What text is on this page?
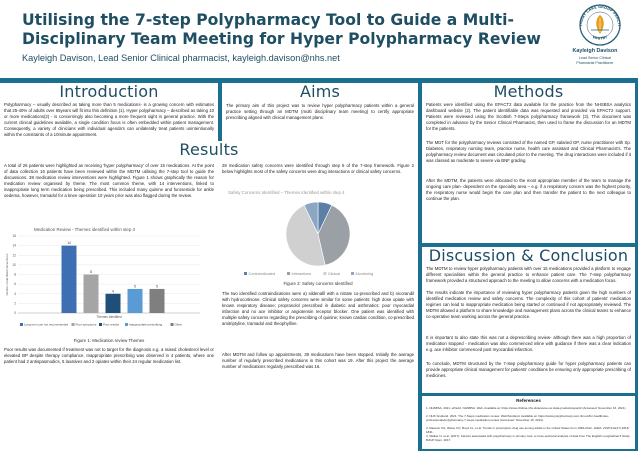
Utilising the 7-step Polypharmacy Tool to Guide a Multi-Disciplinary Team Meeting for Hyper Polypharmacy Review
Kayleigh Davison, Lead Senior Clinical pharmacist, kayleigh.davison@nhs.net
IMARY CARE GROUP PRACTI
WHITBY
Kayleigh Davison
Lead Senior Clinical
Pharmacist Practitioner
Introduction
Polypharmacy – usually described as taking more than 5 medications- is a growing concern with estimates that 25-40% of adults over 65years will fit into this definition (1). Hyper polypharmacy – described as taking 10 or more medications(2) - is concerningly also becoming a more frequent sight in general practice. With the current clinical guidelines available, a single condition focus is often embedded within patient management. Consequently, a variety of clinicians with individual agenda's can unilaterally treat patients unintentionally within the constraints of a 10minute appointment.
Aims
The primary aim of this project was to review hyper polypharmacy patients within a general practice setting through an MDTM (multi disciplinary team meeting) to certify appropriate prescribing aligned with clinical management plans.
Methods
Patients were identified using the EPACT2 data available for the practice from the NHSBSA analytics dashboard website (2). The patient identifiable data was requested and provided via EPACT2 support. Patients were reviewed using the Scottish 7-Steps polypharmacy framework (3). This document was completed in advance by the Senior Clinical Pharmacist, then used to frame the discussion for an MDTM for the patients.
The MDT for the polypharmacy reviews consisted of the named GP, salaried GP, nurse practitioner with Sp. Diabetes, respiratory nursing team, practice nurse, health care assistant and Clinical Pharmacist's. The polypharmacy review document was circulated prior to the meeting. The drug interactions were included if it was classed as moderate to severe via BNF grading.
After the MDTM, the patients were allocated to the most appropriate member of the team to manage the ongoing care plan- dependent on the speciality area – e.g. if a respiratory concern was the highest priority, the respiratory nurse would begin the care plan and then transfer the patient to the next colleague to continue the plan.
Results
A total of 26 patients were highlighted as receiving 'hyper polypharmacy' of over 15 medications. At the point of data collection 16 patients have been reviewed within the MDTM utilising the 7-step tool to guide the discussions. 38 medication review interventions were highlighted. Figure 1 shows graphically the reason for medication review organised by theme. The most common theme, with 14 interventions, linked to inappropriate long term medication being prescribed. This included many quinine and furosemide for ankle oedema, however, tramadol for a knee operation 10 years prior was also flagged during the review.
Medication Review - Themes identified within step 3
0
2
4
6
8
10
12
14
16
14
8
4
5	5
Themes Identified
Number of identified interventions
Long term use not recommended Poor symptoms Poor results	Inappropriate prescribing	Other
Figure 1: Medication review Themes
Poor results was documented if treatment was not to target for the diagnosis e.g. a raised cholesterol level or elevated BP despite therapy compliance. Inappropriate prescribing was observed in 4 patients, where one patient had 2 antispasmodics, 5 laxatives and 2 opiates within their 24 regular medication list.
28 medication safety concerns were identified through step 5 of the 7-step framework. Figure 2 below highlights most of the safety concerns were drug interactions or clinical safety concerns.
Safety Concerns Identified – Themes identified within step 4
Contraindicated	Interactions	Clinical	Monitoring
Figure 2: Safety concerns Identified
The two identified contraindications were a) sildenafil with a nitrate co-prescribed and b) nicorandil with hydrocortisone. Clinical safety concerns were similar for some patients: high dose opiate with known respiratory disease; propranolol prescribed in diabetic and asthmatics; poor myocardial infarction and no ace inhibitor or angiotensin receptor blocker. One patient was identified with multiple safety concerns regarding the prescribing of quinine; known cardiac condition, co-prescribed amitriptyline, tramadol and theophylline.
After MDTM and follow up appointments, 39 medications have been stopped. Initially the average number of regularly prescribed medications in this cohort was 19. After this project the average number of medications regularly prescribed was 16.
Discussion & Conclusion
The MDTM to review hyper polypharmacy patients with over 15 medications provided a platform to engage different specialities within the general practice to enhance patient care. The 7-step polypharmacy framework provided a structured approach to the meeting to allow concerns with a medication focus.
The results indicate the importance of reviewing hyper polypharmacy patients given the high numbers of identified medication review and safety concerns. The complexity of this cohort of patients' medication regimes can lead to inappropriate medication being started or continued if not appropriately reviewed. The MDTM allowed a platform to share knowledge and management plans across the clinical teams to enhance co-operative team working across the general practice.
It is important to also state this was not a deprescribing review- although there was a high proportion of medication stopped - medication was also commenced inline with guidance if there was a clear indication e.g. ace inhibitor commenced post myocardial infarction.
To conclude, MDTM structured by the 7-step polypharmacy guide for hyper polypharmacy patients can provide appropriate clinical management for patients' conditions be ensuring only appropriate prescribing of medicines.
References
1. NHSBSA. 2021. ePact2. NHSBSA. Web. Available at: https://www.nhsbsa.nhs.uk/access-our-data-products/epact2 (Accessed: November 16, 2021).
2. NHS Scotland. 2021. The 7-Steps medication review. Web/Scotland. Available at: https://www.polypharmacy.scot.nhs.uk/for-healthcare-professionals/polypharmacy-7-steps-medication-review (Accessed: November 16, 2021).
3. Rawson KG, Weiss CO, Boyd CL, et al. Trends in prescription drug use among adults in the United States from 1999-2012. JAMA. 2015;314(17):1818-1831.
4. Walker N, et al. (2017). Factors associated with polypharmacy in primary care: a cross-sectional analysis of data from The English Longitudinal 6 Study. BJGP Open. 2017.
